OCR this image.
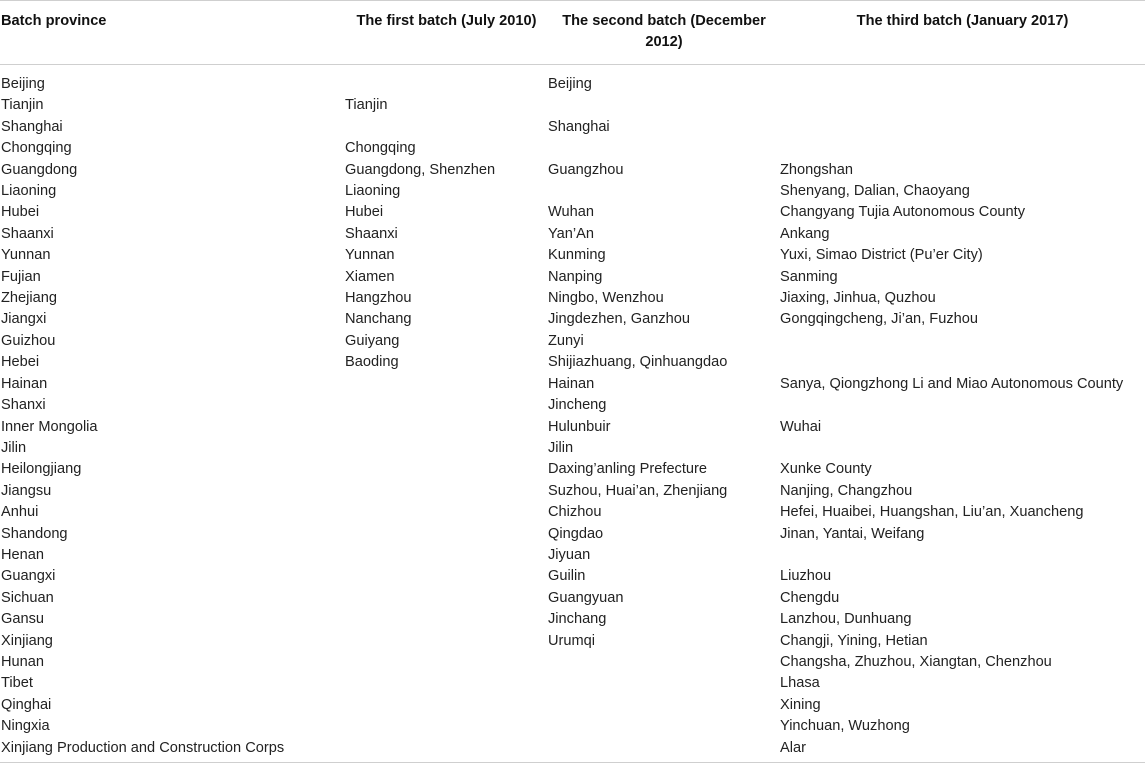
Batch province	The first batch (July 2010)	The second batch (December 2012)	The third batch (January 2017)
Beijing		Beijing	
Tianjin	Tianjin		
Shanghai		Shanghai	
Chongqing	Chongqing		
Guangdong	Guangdong, Shenzhen	Guangzhou	Zhongshan
Liaoning	Liaoning		Shenyang, Dalian, Chaoyang
Hubei	Hubei	Wuhan	Changyang Tujia Autonomous County
Shaanxi	Shaanxi	Yan’An	Ankang
Yunnan	Yunnan	Kunming	Yuxi, Simao District (Pu’er City)
Fujian	Xiamen	Nanping	Sanming
Zhejiang	Hangzhou	Ningbo, Wenzhou	Jiaxing, Jinhua, Quzhou
Jiangxi	Nanchang	Jingdezhen, Ganzhou	Gongqingcheng, Ji’an, Fuzhou
Guizhou	Guiyang	Zunyi	
Hebei	Baoding	Shijiazhuang, Qinhuangdao	
Hainan		Hainan	Sanya, Qiongzhong Li and Miao Autonomous County
Shanxi		Jincheng	
Inner Mongolia		Hulunbuir	Wuhai
Jilin		Jilin	
Heilongjiang		Daxing’anling Prefecture	Xunke County
Jiangsu		Suzhou, Huai’an, Zhenjiang	Nanjing, Changzhou
Anhui		Chizhou	Hefei, Huaibei, Huangshan, Liu’an, Xuancheng
Shandong		Qingdao	Jinan, Yantai, Weifang
Henan		Jiyuan	
Guangxi		Guilin	Liuzhou
Sichuan		Guangyuan	Chengdu
Gansu		Jinchang	Lanzhou, Dunhuang
Xinjiang		Urumqi	Changji, Yining, Hetian
Hunan			Changsha, Zhuzhou, Xiangtan, Chenzhou
Tibet			Lhasa
Qinghai			Xining
Ningxia			Yinchuan, Wuzhong
Xinjiang Production and Construction Corps			Alar
